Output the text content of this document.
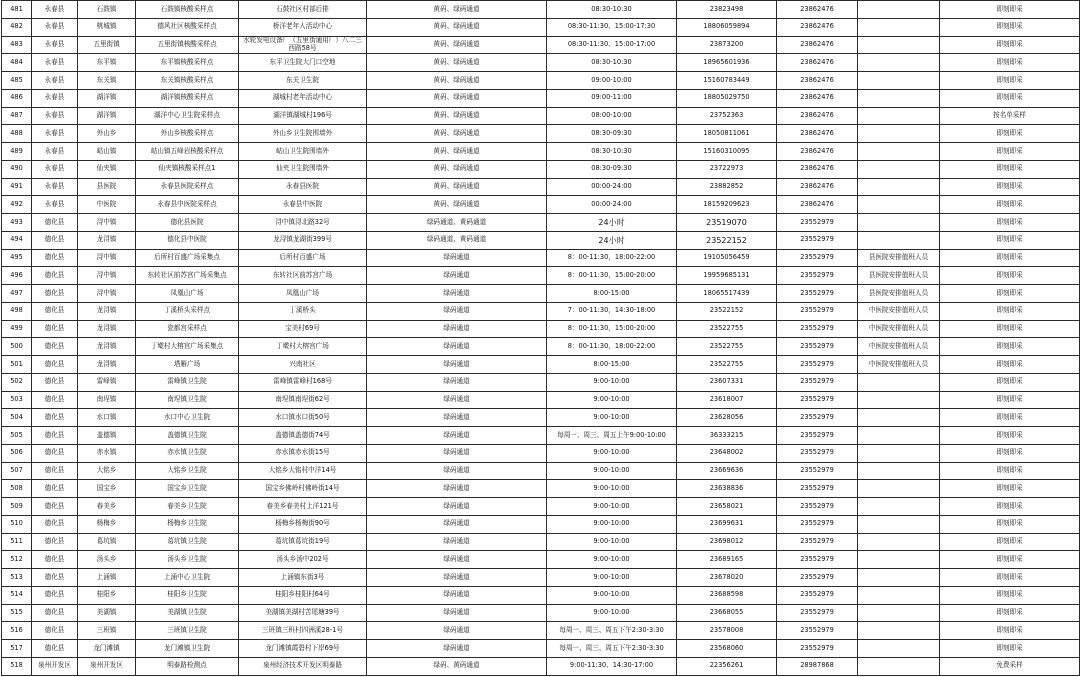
481	永春县	石鼓镇	石鼓镇核酸采样点	石鼓社区村部后排	黄码、绿码通道	08:30-10:30	23823498	23862476		即刻即采
482	永春县	桃城镇	德风社区核酸采样点	桥洋老年人活动中心	黄码、绿码通道	08:30-11:30、15:00-17:30	18806059894	23862476		即刻即采
483	永春县	五里街镇	五里街镇核酸采样点	水轮发电设备厂（五里街通用厂）八二三西路58号	黄码、绿码通道	08:30-11:30、15:00-17:00	23873200	23862476		即刻即采
484	永春县	东平镇	东平镇核酸采样点	东平卫生院大门口空地	黄码、绿码通道	08:30-10:30	18965601936	23862476		即刻即采
485	永春县	东关镇	东关镇核酸采样点	东关卫生院	黄码、绿码通道	09:00-10:00	15160783449	23862476		即刻即采
486	永春县	湖洋镇	湖洋镇核酸采样点	湖城村老年活动中心	黄码、绿码通道	09:00-11:00	18805029750	23862476		即刻即采
487	永春县	湖洋镇	湖洋中心卫生院采样点	湖洋镇湖城村196号	黄码、绿码通道	08:00-10:00	23752363	23862476		按名单采样
488	永春县	外山乡	外山乡核酸采样点	外山乡卫生院围墙外	黄码、绿码通道	08:30-09:30	18050811061	23862476		即刻即采
489	永春县	岵山镇	岵山镇五峰岩核酸采样点	岵山卫生院围墙外	黄码、绿码通道	08:30-10:30	15160310095	23862476		即刻即采
490	永春县	仙夹镇	仙夹镇核酸采样点1	仙夹卫生院围墙外	黄码、绿码通道	08:30-09:30	23722973	23862476		即刻即采
491	永春县	县医院	永春县医院采样点	永春县医院	黄码、绿码通道	00:00-24:00	23882852	23862476		即刻即采
492	永春县	中医院	永春县中医院采样点	永春县中医院	黄码、绿码通道	00:00-24:00	18159209623	23862476		即刻即采
493	德化县	浔中镇	德化县医院	浔中镇浔北路32号	绿码通道、黄码通道	24小时	23519070	23552979		即刻即采
494	德化县	龙浔镇	德化县中医院	龙浔镇龙湖街399号	绿码通道、黄码通道	24小时	23522152	23552979		即刻即采
495	德化县	浔中镇	后所村百盛广场采集点	后所村百盛广场	绿码通道	8：00-11:30，18:00-22:00	19105056459	23552979	县医院安排值班人员	即刻即采
496	德化县	浔中镇	东转社区前苏宫广场采集点	东转社区前苏宫广场	绿码通道	8：00-11:30，15:00-20:00	19959685131	23552979	县医院安排值班人员	即刻即采
497	德化县	浔中镇	凤凰山广场	凤凰山广场	绿码通道	8:00-15:00	18065517439	23552979	县医院安排值班人员	即刻即采
498	德化县	龙浔镇	丁溪桥头采样点	丁溪桥头	绿码通道	7：00-11:30，14:30-18:00	23522152	23552979	中医院安排值班人员	即刻即采
499	德化县	龙浔镇	瓷都宫采样点	宝美村69号	绿码通道	8：00-11:30，15:00-20:00	23522755	23552979	中医院安排值班人员	即刻即采
500	德化县	龙浔镇	丁墘村大榕宫广场采集点	丁墘村大榕宫广场	绿码通道	8：00-11:30，18:00-22:00	23522755	23552979	中医院安排值班人员	即刻即采
501	德化县	龙浔镇	塔雁广场	兴南社区	绿码通道	8:00-15:00	23522755	23552979	中医院安排值班人员	即刻即采
502	德化县	雷峰镇	雷峰镇卫生院	雷峰镇雷峰村168号	绿码通道	9:00-10:00	23607331	23552979		即刻即采
503	德化县	南埕镇	南埕镇卫生院	南埕镇南埕街62号	绿码通道	9:00-10:00	23618007	23552979		即刻即采
504	德化县	水口镇	水口中心卫生院	水口镇水口街50号	绿码通道	9:00-10:00	23628056	23552979		即刻即采
505	德化县	盖德镇	盖德镇卫生院	盖德镇盖德街74号	绿码通道	每周一、周三、周五上午9:00-10:00	36333215	23552979		即刻即采
506	德化县	赤水镇	赤水镇卫生院	赤水镇赤水街15号	绿码通道	9:00-10:00	23648002	23552979		即刻即采
507	德化县	大铭乡	大铭乡卫生院	大铭乡大铭村中洋14号	绿码通道	9:00-10:00	23669636	23552979		即刻即采
508	德化县	国宝乡	国宝乡卫生院	国宝乡佛岭村佛岭街14号	绿码通道	9:00-10:00	23638836	23552979		即刻即采
509	德化县	春美乡	春美乡卫生院	春美乡春美村上洋121号	绿码通道	9:00-10:00	23658021	23552979		即刻即采
510	德化县	杨梅乡	杨梅乡卫生院	杨梅乡杨梅街90号	绿码通道	9:00-10:00	23699631	23552979		即刻即采
511	德化县	葛坑镇	葛坑镇卫生院	葛坑镇葛坑街19号	绿码通道	9:00-10:00	23698012	23552979		即刻即采
512	德化县	汤头乡	汤头乡卫生院	汤头乡汤中202号	绿码通道	9:00-10:00	23689165	23552979		即刻即采
513	德化县	上涌镇	上涌中心卫生院	上涌镇东街3号	绿码通道	9:00-10:00	23678020	23552979		即刻即采
514	德化县	桂阳乡	桂阳乡卫生院	桂阳乡桂阳村64号	绿码通道	9:00-10:00	23688598	23552979		即刻即采
515	德化县	美湖镇	美湖镇卫生院	美湖镇美湖村苦尾塘39号	绿码通道	9:00-10:00	23668055	23552979		即刻即采
516	德化县	三班镇	三班镇卫生院	三班镇三班村四洲溪28-1号	绿码通道	每周一、周三、周五下午2:30-3:30	23578008	23552979		即刻即采
517	德化县	龙门滩镇	龙门滩镇卫生院	龙门滩镇霞碧村下岸69号	绿码通道	每周一、周三、周五下午2:30-3:30	23568060	23552979		即刻即采
518	泉州开发区	泉州开发区	明泰路检测点	泉州经济技术开发区明泰路	绿码、黄码通道	9:00-11:30、14:30-17:00	22356261	28987868		免费采样
